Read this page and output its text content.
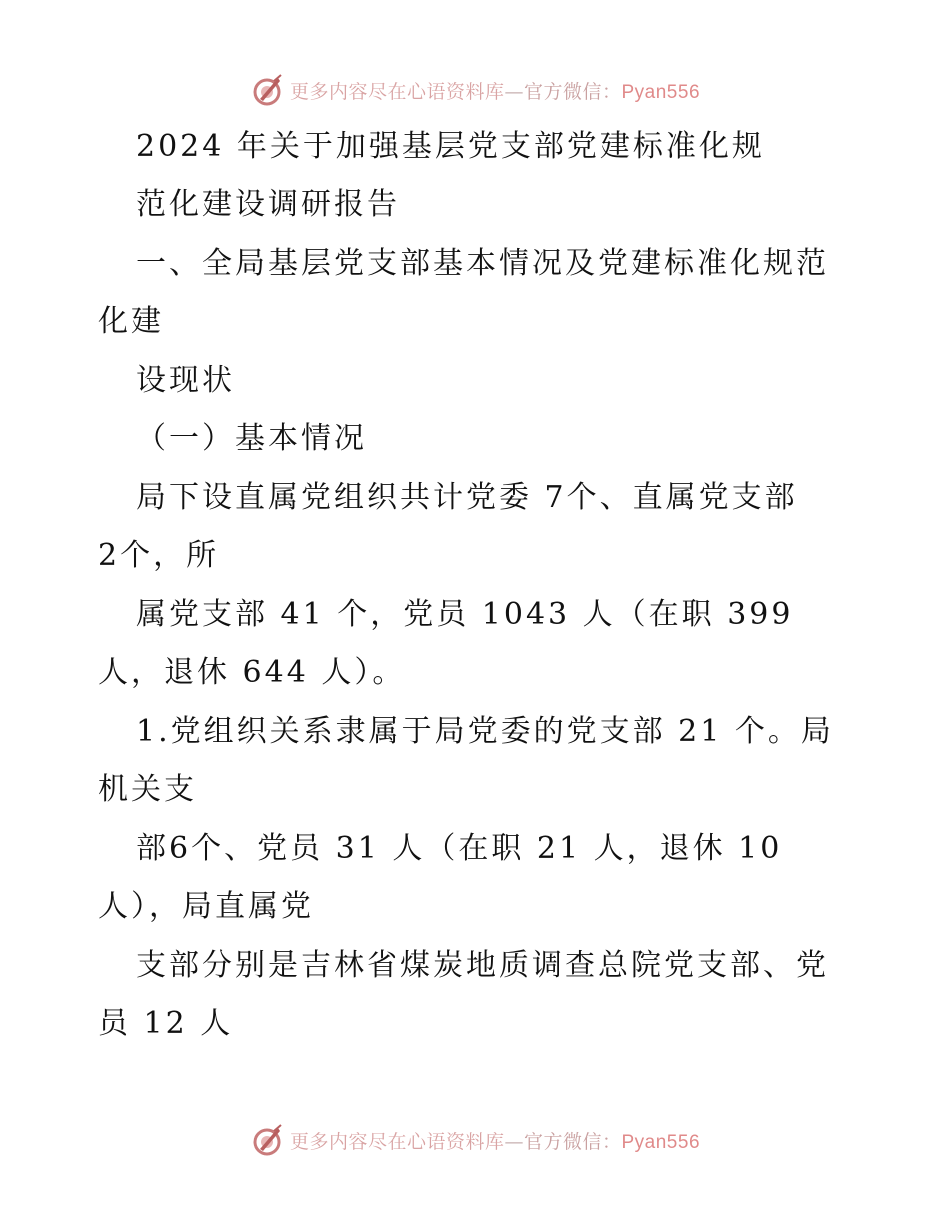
更多内容尽在心语资料库—官方微信：Pyan556
2024 年关于加强基层党支部党建标准化规
范化建设调研报告
一、全局基层党支部基本情况及党建标准化规范
化建
设现状
（一）基本情况
局下设直属党组织共计党委 7个、直属党支部
2个，所
属党支部 41 个，党员 1043 人（在职 399
人，退休 644 人）。
1.党组织关系隶属于局党委的党支部 21 个。局
机关支
部6个、党员 31 人（在职 21 人，退休 10
人），局直属党
支部分别是吉林省煤炭地质调查总院党支部、党
员 12 人
更多内容尽在心语资料库—官方微信：Pyan556
